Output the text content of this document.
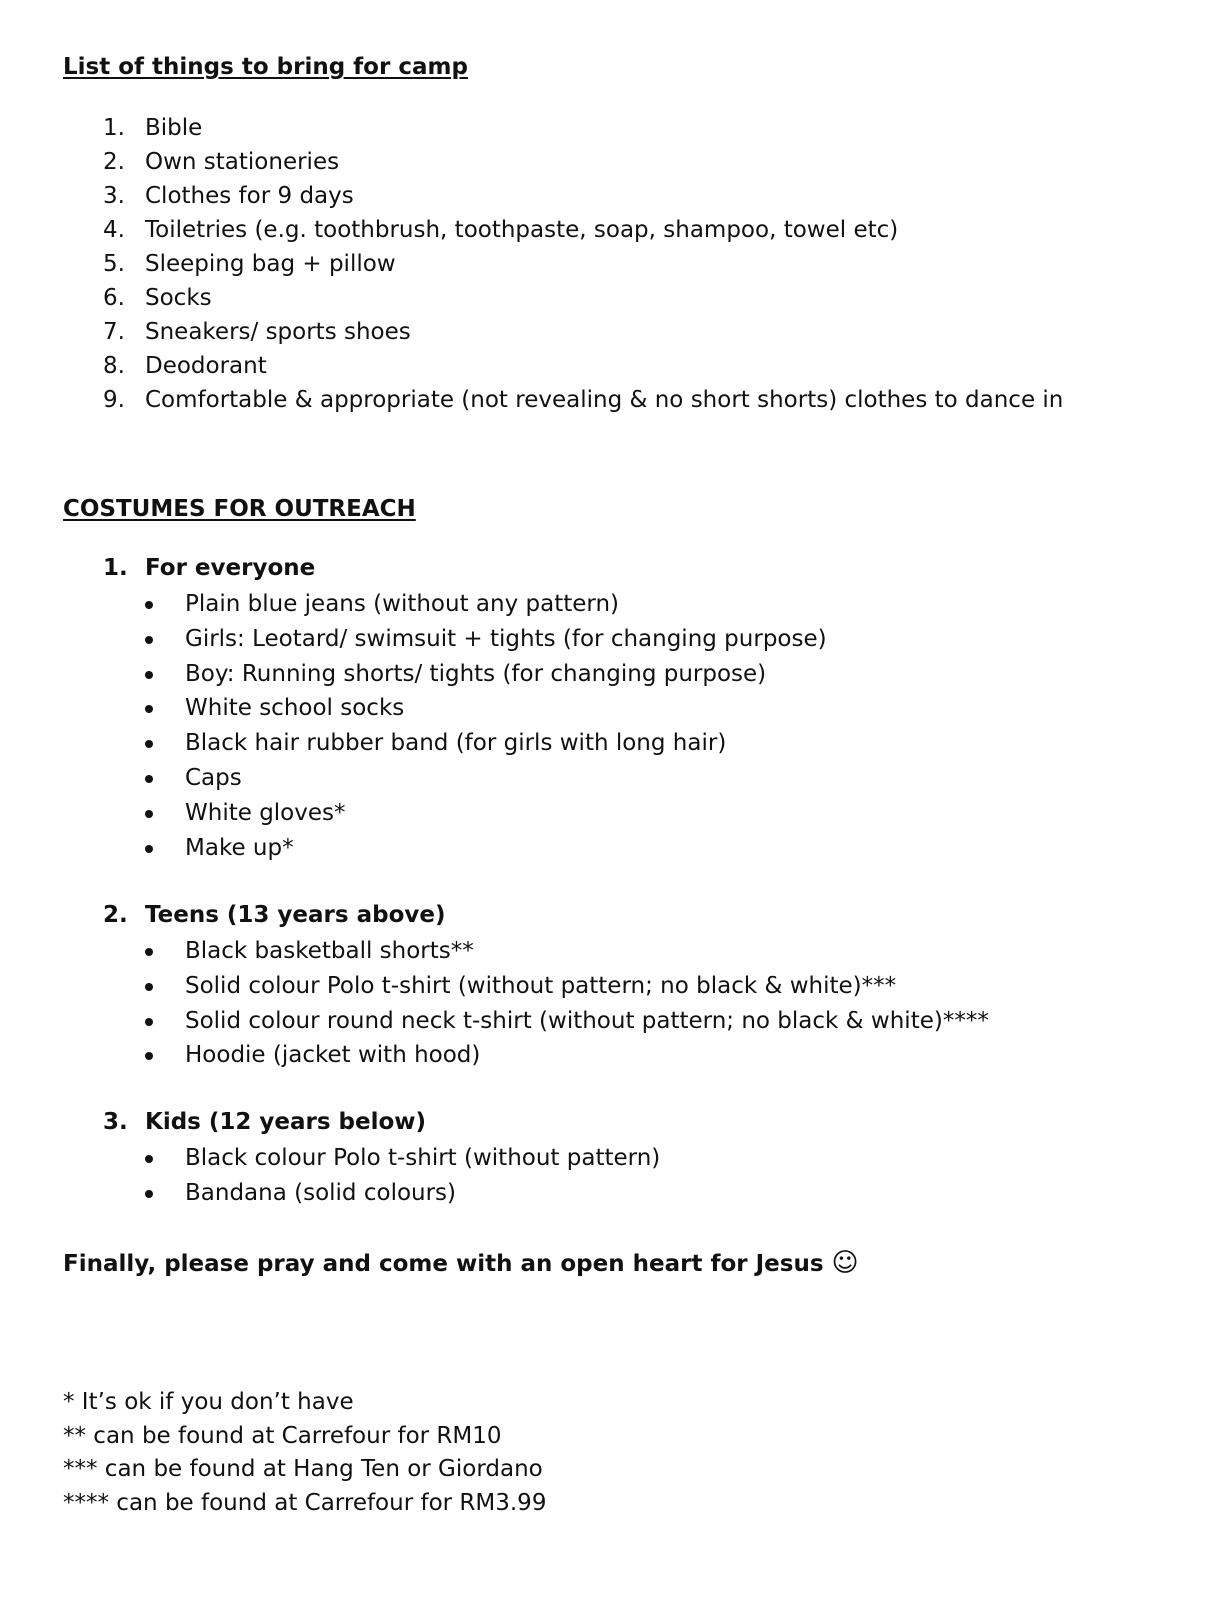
List of things to bring for camp
1. Bible
2. Own stationeries
3. Clothes for 9 days
4. Toiletries (e.g. toothbrush, toothpaste, soap, shampoo, towel etc)
5. Sleeping bag + pillow
6. Socks
7. Sneakers/ sports shoes
8. Deodorant
9. Comfortable & appropriate (not revealing & no short shorts) clothes to dance in
COSTUMES FOR OUTREACH
1. For everyone
Plain blue jeans (without any pattern)
Girls: Leotard/ swimsuit + tights (for changing purpose)
Boy: Running shorts/ tights (for changing purpose)
White school socks
Black hair rubber band (for girls with long hair)
Caps
White gloves*
Make up*
2. Teens (13 years above)
Black basketball shorts**
Solid colour Polo t-shirt (without pattern; no black & white)***
Solid colour round neck t-shirt (without pattern; no black & white)****
Hoodie (jacket with hood)
3. Kids (12 years below)
Black colour Polo t-shirt (without pattern)
Bandana (solid colours)
Finally, please pray and come with an open heart for Jesus ☺
* It’s ok if you don’t have
** can be found at Carrefour for RM10
*** can be found at Hang Ten or Giordano
**** can be found at Carrefour for RM3.99
